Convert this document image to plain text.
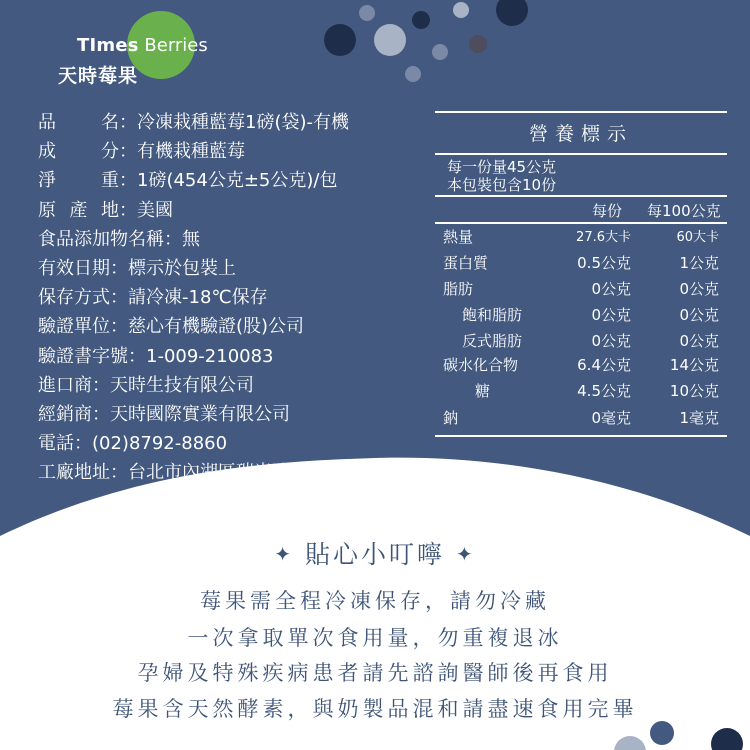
TImes Berries
天時莓果
品	名 ：冷凍栽種藍莓1磅(袋)-有機
成	分 ：有機栽種藍莓
淨	重 ：1磅(454公克±5公克)/包
原 產 地 ：美國
食品添加物名稱：無
有效日期：標示於包裝上
保存方式：請冷凍-18℃保存
驗證單位：慈心有機驗證(股)公司
驗證書字號：1-009-210083
進口商：天時生技有限公司
經銷商：天時國際實業有限公司
電話：(02)8792-8860
工廠地址：台北市內湖區瑞光路76巷16號1樓
營養標示
每一份量45公克
本包裝包含10份
每份 每100公克
熱量	27.6大卡	60大卡
蛋白質	0.5公克	1公克
脂肪	0公克	0公克
飽和脂肪	0公克	0公克
反式脂肪	0公克	0公克
碳水化合物	6.4公克	14公克
糖	4.5公克	10公克
鈉	0毫克	1毫克
✦ 貼心小叮嚀 ✦
莓果需全程冷凍保存，請勿冷藏
一次拿取單次食用量，勿重複退冰
孕婦及特殊疾病患者請先諮詢醫師後再食用
莓果含天然酵素，與奶製品混和請盡速食用完畢
